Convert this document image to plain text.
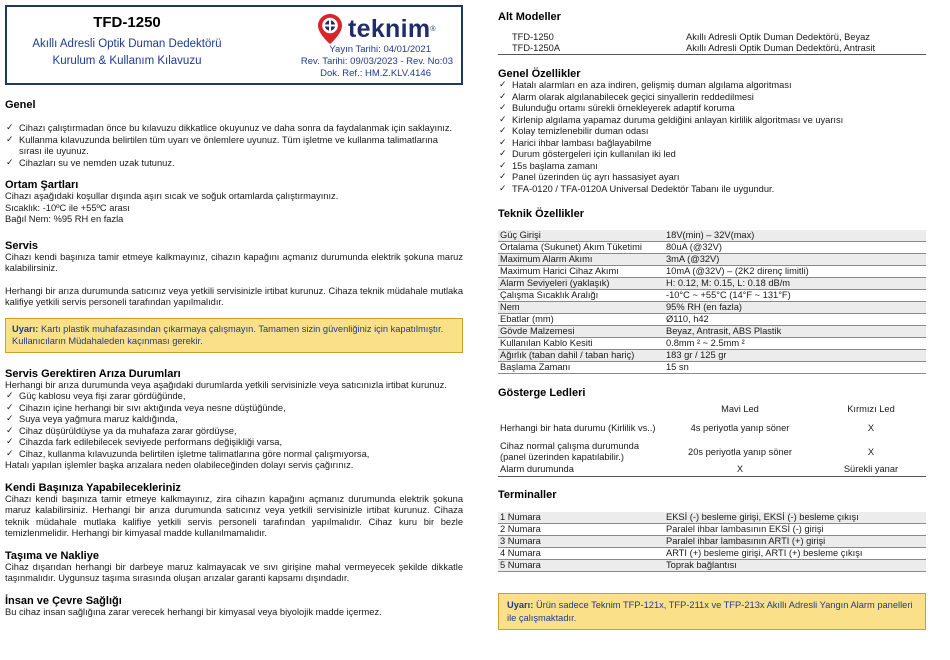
TFD-1250
Akıllı Adresli Optik Duman Dedektörü
Kurulum & Kullanım Kılavuzu
teknim ®
Yayın Tarihi: 04/01/2021
Rev. Tarihi: 09/03/2023 - Rev. No:03
Dok. Ref.: HM.Z.KLV.4146
Genel
✓ Cihazı çalıştırmadan önce bu kılavuzu dikkatlice okuyunuz ve daha sonra da faydalanmak için saklayınız.
✓ Kullanma kılavuzunda belirtilen tüm uyarı ve önlemlere uyunuz. Tüm işletme ve kullanma talimatlarına sırası ile uyunuz.
✓ Cihazları su ve nemden uzak tutunuz.
Ortam Şartları

Cihazı aşağıdaki koşullar dışında aşırı sıcak ve soğuk ortamlarda çalıştırmayınız.

Sıcaklık: -10ºC ile +55ºC arası

Bağıl Nem: %95 RH en fazla

Servis

Cihazı kendi başınıza tamir etmeye kalkmayınız, cihazın kapağını açmanız durumunda elektrik şokuna maruz kalabilirsiniz.

Herhangi bir arıza durumunda satıcınız veya yetkili servisinizle irtibat kurunuz. Cihaza teknik müdahale mutlaka kalifiye yetkili servis personeli tarafından yapılmalıdır.

Uyarı: Kartı plastik muhafazasından çıkarmaya çalışmayın. Tamamen sizin güvenliğiniz için kapatılmıştır. Kullanıcıların Müdahaleden kaçınması gerekir.
Servis Gerektiren Arıza Durumları

Herhangi bir arıza durumunda veya aşağıdaki durumlarda yetkili servisinizle veya satıcınızla irtibat kurunuz.

✓ Güç kablosu veya fişi zarar gördüğünde,
✓ Cihazın içine herhangi bir sıvı aktığında veya nesne düştüğünde,
✓ Suya veya yağmura maruz kaldığında,
✓ Cihaz düşürüldüyse ya da muhafaza zarar gördüyse,
✓ Cihazda fark edilebilecek seviyede performans değişikliği varsa,
✓ Cihaz, kullanma kılavuzunda belirtilen işletme talimatlarına göre normal çalışmıyorsa,

Hatalı yapılan işlemler başka arızalara neden olabileceğinden dolayı servis çağırınız.

Kendi Başınıza Yapabilecekleriniz

Cihazı kendi başınıza tamir etmeye kalkmayınız, zira cihazın kapağını açmanız durumunda elektrik şokuna maruz kalabilirsiniz. Herhangi bir arıza durumunda satıcınız veya yetkili servisinizle irtibat kurunuz. Cihaza teknik müdahale mutlaka kalifiye yetkili servis personeli tarafından yapılmalıdır. Cihaz kuru bir bezle temizlenmelidir. Herhangi bir kimyasal madde kullanılmamalıdır.

Taşıma ve Nakliye

Cihaz dışarıdan herhangi bir darbeye maruz kalmayacak ve sıvı girişine mahal vermeyecek şekilde dikkatle taşınmalıdır. Uygunsuz taşıma sırasında oluşan arızalar garanti kapsamı dışındadır.

İnsan ve Çevre Sağlığı

Bu cihaz insan sağlığına zarar verecek herhangi bir kimyasal veya biyolojik madde içermez.

Alt Modeller
TFD-1250	Akıllı Adresli Optik Duman Dedektörü, Beyaz
TFD-1250A	Akıllı Adresli Optik Duman Dedektörü, Antrasit
Genel Özellikler
✓ Hatalı alarmları en aza indiren, gelişmiş duman algılama algoritması
✓ Alarm olarak algılanabilecek geçici sinyallerin reddedilmesi
✓ Bulunduğu ortamı sürekli örnekleyerek adaptif koruma
✓ Kirlenip algılama yapamaz duruma geldiğini anlayan kirlilik algoritması ve uyarısı
✓ Kolay temizlenebilir duman odası
✓ Harici ihbar lambası bağlayabilme
✓ Durum göstergeleri için kullanılan iki led
✓ 15s başlama zamanı
✓ Panel üzerinden üç ayrı hassasiyet ayarı
✓ TFA-0120 / TFA-0120A Universal Dedektör Tabanı ile uygundur.
Teknik Özellikler
Güç Girişi	18V(min) – 32V(max)
Ortalama (Sukunet) Akım Tüketimi	80uA (@32V)
Maximum Alarm Akımı	3mA (@32V)
Maximum Harici Cihaz Akımı	10mA (@32V) – (2K2 direnç limitli)
Alarm Seviyeleri (yaklaşık)	H: 0.12, M: 0.15, L: 0.18 dB/m
Çalışma Sıcaklık Aralığı	-10°C ~ +55°C (14°F ~ 131°F)
Nem	95% RH (en fazla)
Ebatlar (mm)	Ø110, h42
Gövde Malzemesi	Beyaz, Antrasit, ABS Plastik
Kullanılan Kablo Kesiti	0.8mm ² ~ 2.5mm ²
Ağırlık (taban dahil / taban hariç)	183 gr / 125 gr
Başlama Zamanı	15 sn
Gösterge Ledleri
	Mavi Led	Kırmızı Led
Herhangi bir hata durumu (Kirlilik vs..)	4s periyotla yanıp söner	X
Cihaz normal çalışma durumunda (panel üzerinden kapatılabilir.)	20s periyotla yanıp söner	X
Alarm durumunda	X	Sürekli yanar
Terminaller
1 Numara	EKSİ (-) besleme girişi, EKSİ (-) besleme çıkışı
2 Numara	Paralel ihbar lambasının EKSİ (-) girişi
3 Numara	Paralel ihbar lambasının ARTI (+) girişi
4 Numara	ARTI (+) besleme girişi, ARTI (+) besleme çıkışı
5 Numara	Toprak bağlantısı
Uyarı: Ürün sadece Teknim TFP-121x, TFP-211x ve TFP-213x Akıllı Adresli Yangın Alarm panelleri ile çalışmaktadır.
